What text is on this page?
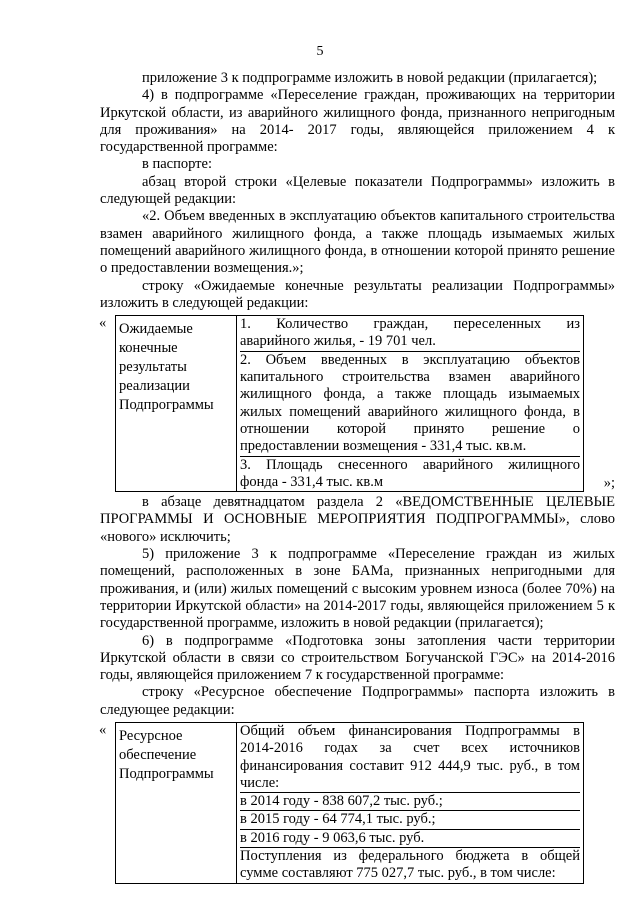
5

приложение 3 к подпрограмме изложить в новой редакции (прилагается);

4) в подпрограмме «Переселение граждан, проживающих на территории Иркутской области, из аварийного жилищного фонда, признанного непригодным для проживания» на 2014- 2017 годы, являющейся приложением 4 к государственной программе:

в паспорте:

абзац второй строки «Целевые показатели Подпрограммы» изложить в следующей редакции:

«2. Объем введенных в эксплуатацию объектов капитального строительства взамен аварийного жилищного фонда, а также площадь изымаемых жилых помещений аварийного жилищного фонда, в отношении которой принято решение о предоставлении возмещения.»;

строку «Ожидаемые конечные результаты реализации Подпрограммы» изложить в следующей редакции:

« Ожидаемые
конечные
результаты
реализации
Подпрограммы

1. Количество граждан, переселенных из
аварийного жилья, - 19 701 чел.
2. Объем введенных в эксплуатацию объектов
капитального строительства взамен аварийного
жилищного фонда, а также площадь изымаемых
жилых помещений аварийного жилищного фонда, в
отношении которой принято решение о
предоставлении возмещения - 331,4 тыс. кв.м.
3. Площадь снесенного аварийного жилищного
фонда - 331,4 тыс. кв.м	»;

в абзаце девятнадцатом раздела 2 «ВЕДОМСТВЕННЫЕ ЦЕЛЕВЫЕ ПРОГРАММЫ И ОСНОВНЫЕ МЕРОПРИЯТИЯ ПОДПРОГРАММЫ», слово «нового» исключить;

5) приложение 3 к подпрограмме «Переселение граждан из жилых помещений, расположенных в зоне БАМа, признанных непригодными для проживания, и (или) жилых помещений с высоким уровнем износа (более 70%) на территории Иркутской области» на 2014-2017 годы, являющейся приложением 5 к государственной программе, изложить в новой редакции (прилагается);

6) в подпрограмме «Подготовка зоны затопления части территории Иркутской области в связи со строительством Богучанской ГЭС» на 2014-2016 годы, являющейся приложением 7 к государственной программе:

строку «Ресурсное обеспечение Подпрограммы» паспорта изложить в следующее редакции:

« Ресурсное
обеспечение
Подпрограммы

Общий объем финансирования Подпрограммы в
2014-2016 годах за счет всех источников
финансирования составит 912 444,9 тыс. руб., в том
числе:
в 2014 году - 838 607,2 тыс. руб.;
в 2015 году - 64 774,1 тыс. руб.;
в 2016 году - 9 063,6 тыс. руб.
Поступления из федерального бюджета в общей
сумме составляют 775 027,7 тыс. руб., в том числе:
